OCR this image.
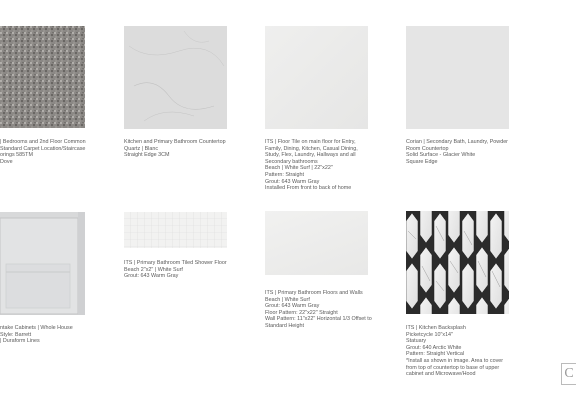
| Bedrooms and 2nd Floor Common
Standard Carpet Location/Staircase
orings 585TM
Dove
Kitchen and Primary Bathroom Countertop
Quartz | Blanc
Straight Edge 3CM
ITS | Floor Tile on main floor for Entry,
Family, Dining, Kitchen, Casual Dining,
Study, Flex, Laundry, Hallways and all
Secondary bathrooms
Beach | White Surf | 22"x22"
Pattern: Straight
Grout: 643 Warm Gray
Installed From front to back of home
Corian | Secondary Bath, Laundry, Powder
Room Countertop
Solid Surface - Glacier White
Square Edge
ntake Cabinets | Whole House
Style: Barrett
| Duraform Lines
ITS | Primary Bathroom Tiled Shower Floor
Beach 2"x2" | White Surf
Grout: 643 Warm Gray
ITS | Primary Bathroom Floors and Walls
Beach | White Surf
Grout: 643 Warm Gray
Floor Pattern: 22"x22" Straight
Wall Pattern: 11"x22" Horizontal 1/3 Offset to
Standard Height	ITS | Kitchen Backsplash
Picketcycle 10"x14"
Statuary
Grout: 640 Arctic White
Pattern: Straight Vertical
*Install as shown in image. Area to cover
from top of countertop to base of upper
cabinet and Microwave/Hood	C
